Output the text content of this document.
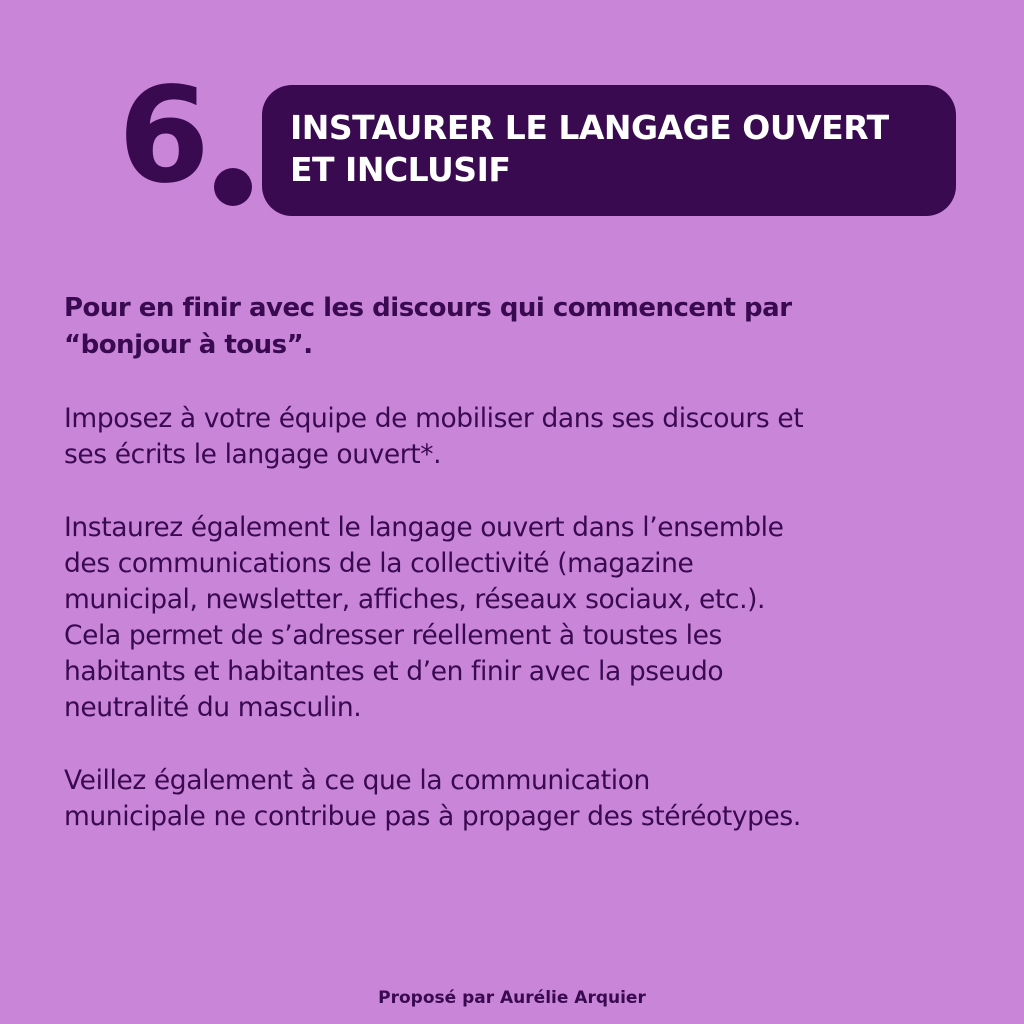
6	INSTAURER LE LANGAGE OUVERT
ET INCLUSIF

Pour en finir avec les discours qui commencent par
“bonjour à tous”.

Imposez à votre équipe de mobiliser dans ses discours et
ses écrits le langage ouvert*.

Instaurez également le langage ouvert dans l’ensemble
des communications de la collectivité (magazine
municipal, newsletter, affiches, réseaux sociaux, etc.).
Cela permet de s’adresser réellement à toustes les
habitants et habitantes et d’en finir avec la pseudo
neutralité du masculin.

Veillez également à ce que la communication
municipale ne contribue pas à propager des stéréotypes.

Proposé par Aurélie Arquier
